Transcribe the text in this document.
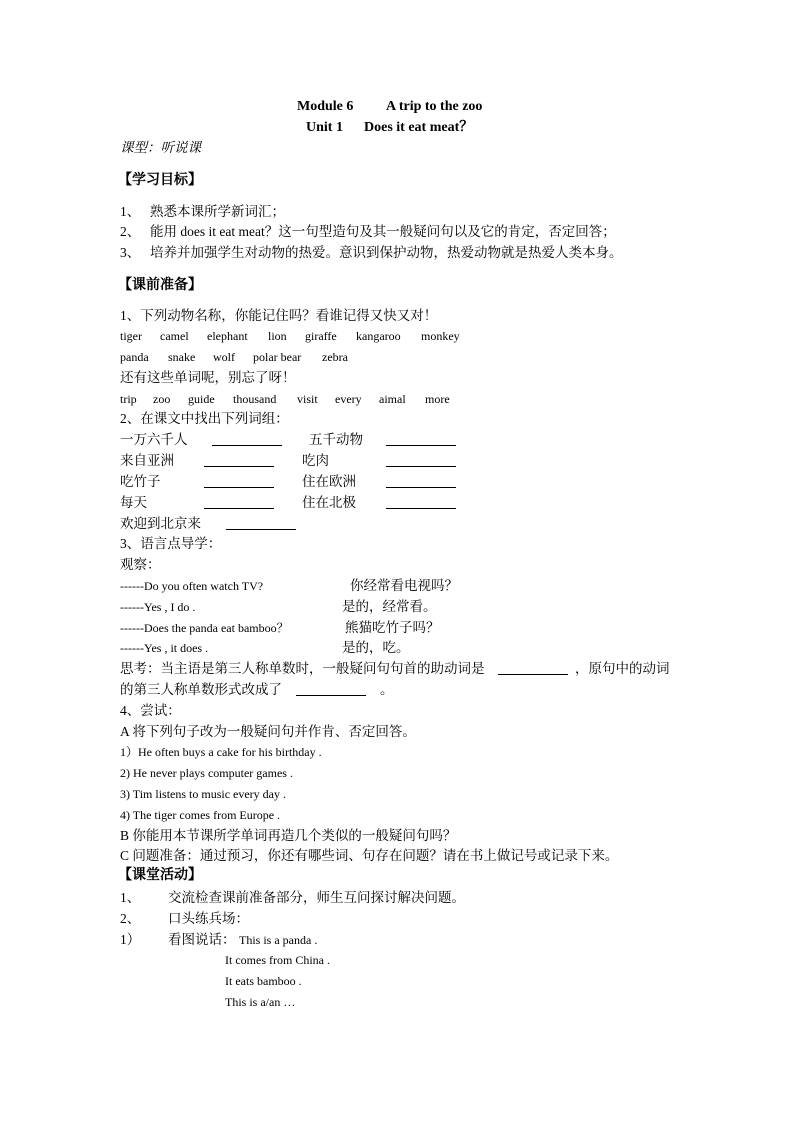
Module 6 A trip to the zoo
Unit 1 Does it eat meat？
课型：听说课
【学习目标】
1、 熟悉本课所学新词汇；
2、 能用 does it eat meat？这一句型造句及其一般疑问句以及它的肯定，否定回答；
3、 培养并加强学生对动物的热爱。意识到保护动物，热爱动物就是热爱人类本身。
【课前准备】
1、下列动物名称，你能记住吗？看谁记得又快又对！
tiger camel elephant lion giraffe kangaroo monkey
panda snake wolf polar bear zebra
还有这些单词呢，别忘了呀！
trip zoo guide thousand visit every aimal more
2、在课文中找出下列词组：
一万六千人	五千动物
来自亚洲	吃肉
吃竹子	住在欧洲
每天	住在北极
欢迎到北京来
3、语言点导学：
观察：
------Do you often watch TV?	你经常看电视吗？
------Yes , I do .	是的，经常看。
------Does the panda eat bamboo？	熊猫吃竹子吗？
------Yes , it does .	是的，吃。
思考：当主语是第三人称单数时，一般疑问句句首的助动词是	，原句中的动词
的第三人称单数形式改成了	。
4、尝试：
A 将下列句子改为一般疑问句并作肯、否定回答。
1）He often buys a cake for his birthday .
2) He never plays computer games .
3) Tim listens to music every day .
4) The tiger comes from Europe .
B 你能用本节课所学单词再造几个类似的一般疑问句吗？
C 问题准备：通过预习，你还有哪些词、句存在问题？请在书上做记号或记录下来。
【课堂活动】
1、 交流检查课前准备部分，师生互问探讨解决问题。
2、 口头练兵场：
1） 看图说话： This is a panda .
It comes from China .
It eats bamboo .
This is a/an …
